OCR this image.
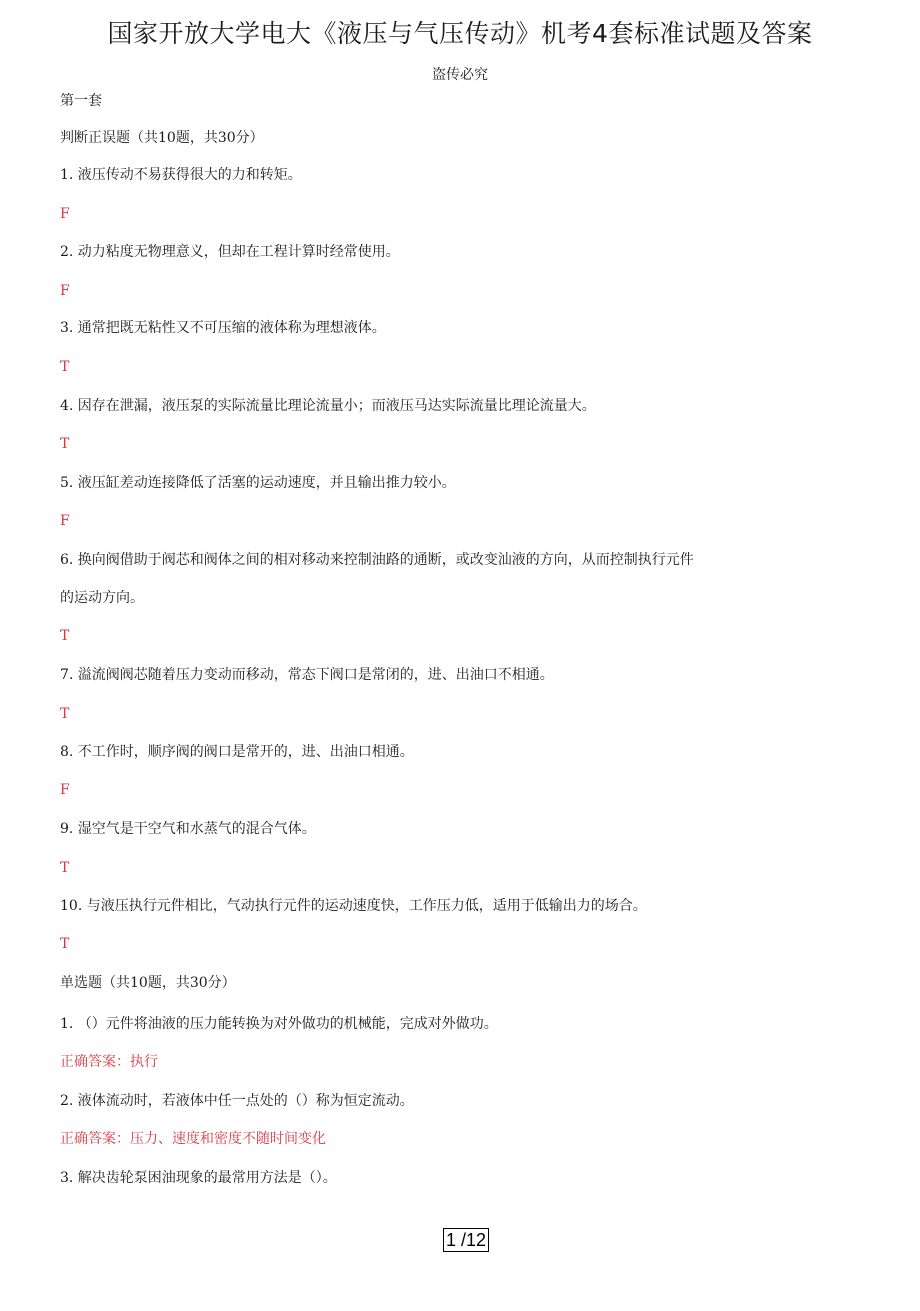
国家开放大学电大《液压与气压传动》机考4套标准试题及答案
盗传必究
第一套
判断正误题（共10题，共30分）
1. 液压传动不易获得很大的力和转矩。
F
2. 动力粘度无物理意义，但却在工程计算时经常使用。
F
3. 通常把既无粘性又不可压缩的液体称为理想液体。
T
4. 因存在泄漏，液压泵的实际流量比理论流量小；而液压马达实际流量比理论流量大。
T
5. 液压缸差动连接降低了活塞的运动速度，并且输出推力较小。
F
6. 换向阀借助于阀芯和阀体之间的相对移动来控制油路的通断，或改变汕液的方向，从而控制执行元件
的运动方向。
T
7. 溢流阀阀芯随着压力变动而移动，常态下阀口是常闭的，进、出油口不相通。
T
8. 不工作时，顺序阀的阀口是常开的，进、出油口相通。
F
9. 湿空气是干空气和水蒸气的混合气体。
T
10. 与液压执行元件相比，气动执行元件的运动速度快，工作压力低，适用于低输出力的场合。
T
单选题（共10题，共30分）
1. （）元件将油液的压力能转换为对外做功的机械能，完成对外做功。
正确答案：执行
2. 液体流动时，若液体中任一点处的（）称为恒定流动。
正确答案：压力、速度和密度不随时间变化
3. 解决齿轮泵困油现象的最常用方法是（）。
1 /12
